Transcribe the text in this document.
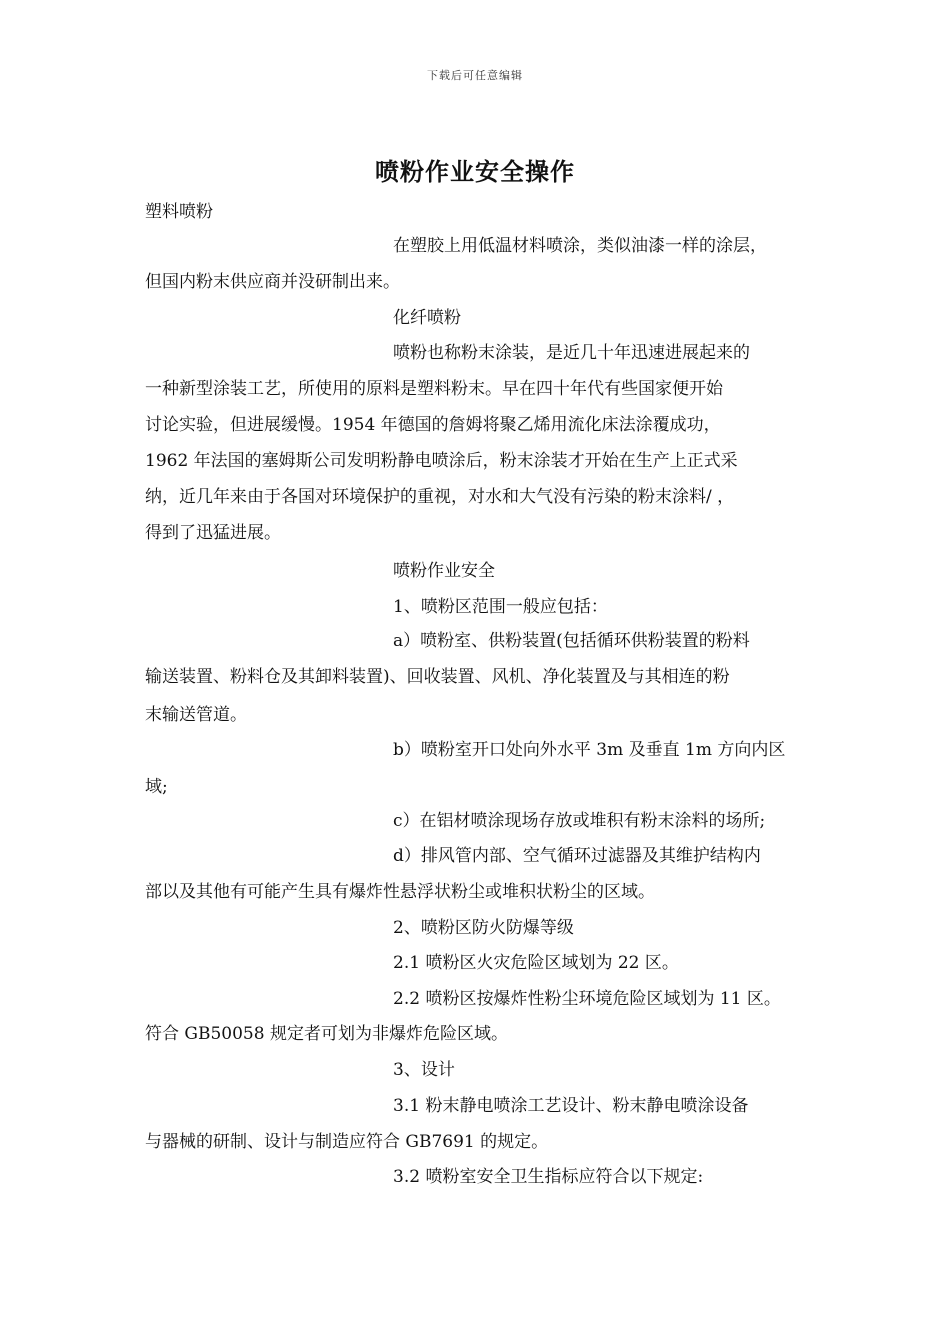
下载后可任意编辑
喷粉作业安全操作
塑料喷粉
在塑胶上用低温材料喷涂，类似油漆一样的涂层，
但国内粉末供应商并没研制出来。
化纤喷粉
喷粉也称粉末涂装，是近几十年迅速进展起来的
一种新型涂装工艺，所使用的原料是塑料粉末。早在四十年代有些国家便开始
讨论实验，但进展缓慢。1954 年德国的詹姆将聚乙烯用流化床法涂覆成功，
1962 年法国的塞姆斯公司发明粉静电喷涂后，粉末涂装才开始在生产上正式采
纳，近几年来由于各国对环境保护的重视，对水和大气没有污染的粉末涂料/ ，
得到了迅猛进展。
喷粉作业安全
1、喷粉区范围一般应包括：
a）喷粉室、供粉装置(包括循环供粉装置的粉料
输送装置、粉料仓及其卸料装置)、回收装置、风机、净化装置及与其相连的粉
末输送管道。
b）喷粉室开口处向外水平 3m 及垂直 1m 方向内区
域;
c）在铝材喷涂现场存放或堆积有粉末涂料的场所;
d）排风管内部、空气循环过滤器及其维护结构内
部以及其他有可能产生具有爆炸性悬浮状粉尘或堆积状粉尘的区域。
2、喷粉区防火防爆等级
2.1 喷粉区火灾危险区域划为 22 区。
2.2 喷粉区按爆炸性粉尘环境危险区域划为 11 区。
符合 GB50058 规定者可划为非爆炸危险区域。
3、设计
3.1 粉末静电喷涂工艺设计、粉末静电喷涂设备
与器械的研制、设计与制造应符合 GB7691 的规定。
3.2 喷粉室安全卫生指标应符合以下规定:
